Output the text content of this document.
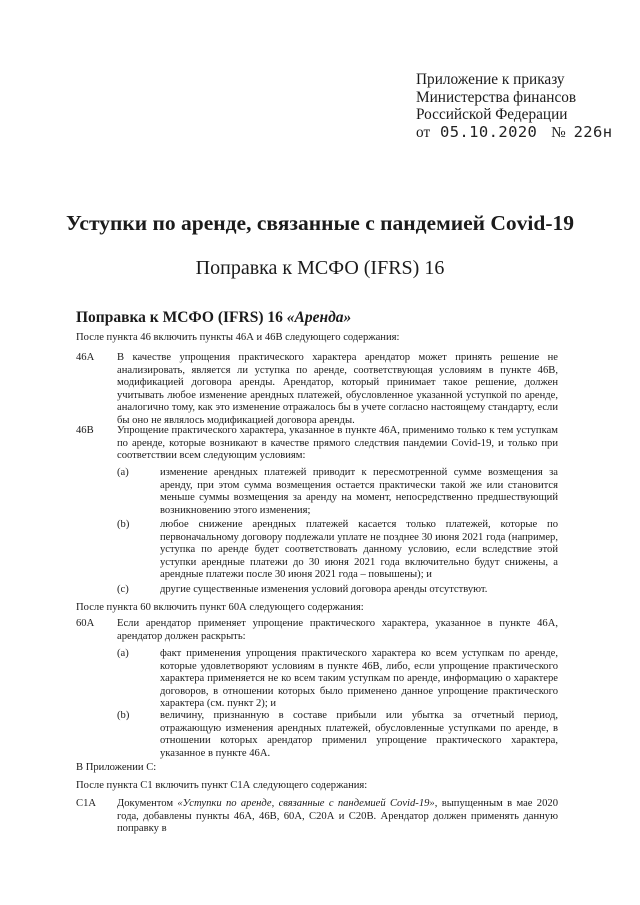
Приложение к приказу
Министерства финансов
Российской Федерации
от 05.10.2020 № 226н
Уступки по аренде, связанные с пандемией Covid-19
Поправка к МСФО (IFRS) 16
Поправка к МСФО (IFRS) 16 «Аренда»
После пункта 46 включить пункты 46А и 46В следующего содержания:
46А В качестве упрощения практического характера арендатор может принять решение не анализировать, является ли уступка по аренде, соответствующая условиям в пункте 46В, модификацией договора аренды. Арендатор, который принимает такое решение, должен учитывать любое изменение арендных платежей, обусловленное указанной уступкой по аренде, аналогично тому, как это изменение отражалось бы в учете согласно настоящему стандарту, если бы оно не являлось модификацией договора аренды.
46В Упрощение практического характера, указанное в пункте 46А, применимо только к тем уступкам по аренде, которые возникают в качестве прямого следствия пандемии Covid-19, и только при соответствии всем следующим условиям:
(a)	изменение арендных платежей приводит к пересмотренной сумме возмещения за аренду, при этом сумма возмещения остается практически такой же или становится меньше суммы возмещения за аренду на момент, непосредственно предшествующий возникновению этого изменения;
(b)	любое снижение арендных платежей касается только платежей, которые по первоначальному договору подлежали уплате не позднее 30 июня 2021 года (например, уступка по аренде будет соответствовать данному условию, если вследствие этой уступки арендные платежи до 30 июня 2021 года включительно будут снижены, а арендные платежи после 30 июня 2021 года – повышены); и
(c)	другие существенные изменения условий договора аренды отсутствуют.
После пункта 60 включить пункт 60А следующего содержания:
60А Если арендатор применяет упрощение практического характера, указанное в пункте 46А, арендатор должен раскрыть:
(a)	факт применения упрощения практического характера ко всем уступкам по аренде, которые удовлетворяют условиям в пункте 46В, либо, если упрощение практического характера применяется не ко всем таким уступкам по аренде, информацию о характере договоров, в отношении которых было применено данное упрощение практического характера (см. пункт 2); и
(b)	величину, признанную в составе прибыли или убытка за отчетный период, отражающую изменения арендных платежей, обусловленные уступками по аренде, в отношении которых арендатор применил упрощение практического характера, указанное в пункте 46А.
В Приложении С:
После пункта С1 включить пункт С1А следующего содержания:
С1А Документом «Уступки по аренде, связанные с пандемией Covid-19», выпущенным в мае 2020 года, добавлены пункты 46А, 46В, 60А, С20А и С20В. Арендатор должен применять данную поправку в
